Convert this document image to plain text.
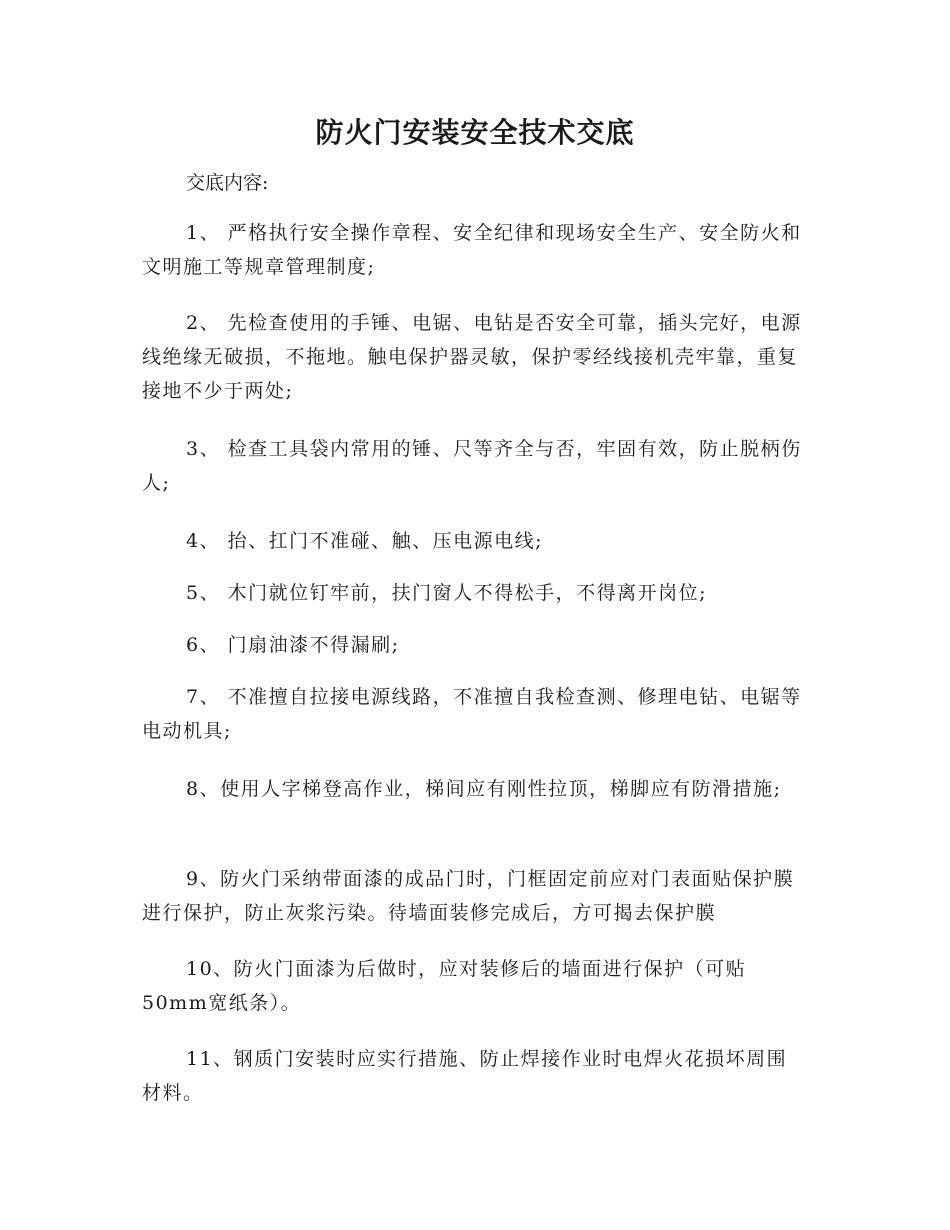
防火门安装安全技术交底

交底内容:

1、 严格执行安全操作章程、安全纪律和现场安全生产、安全防火和文明施工等规章管理制度;

2、 先检查使用的手锤、电锯、电钻是否安全可靠，插头完好，电源线绝缘无破损，不拖地。触电保护器灵敏，保护零经线接机壳牢靠，重复接地不少于两处;

3、 检查工具袋内常用的锤、尺等齐全与否，牢固有效，防止脱柄伤人;

4、 抬、扛门不准碰、触、压电源电线;

5、 木门就位钉牢前，扶门窗人不得松手，不得离开岗位;

6、 门扇油漆不得漏刷;

7、 不准擅自拉接电源线路，不准擅自我检查测、修理电钻、电锯等电动机具;

8、使用人字梯登高作业，梯间应有刚性拉顶，梯脚应有防滑措施;

9、防火门采纳带面漆的成品门时，门框固定前应对门表面贴保护膜进行保护，防止灰浆污染。待墙面装修完成后，方可揭去保护膜

10、防火门面漆为后做时，应对装修后的墙面进行保护（可贴50mm宽纸条）。

11、钢质门安装时应实行措施、防止焊接作业时电焊火花损坏周围材料。
